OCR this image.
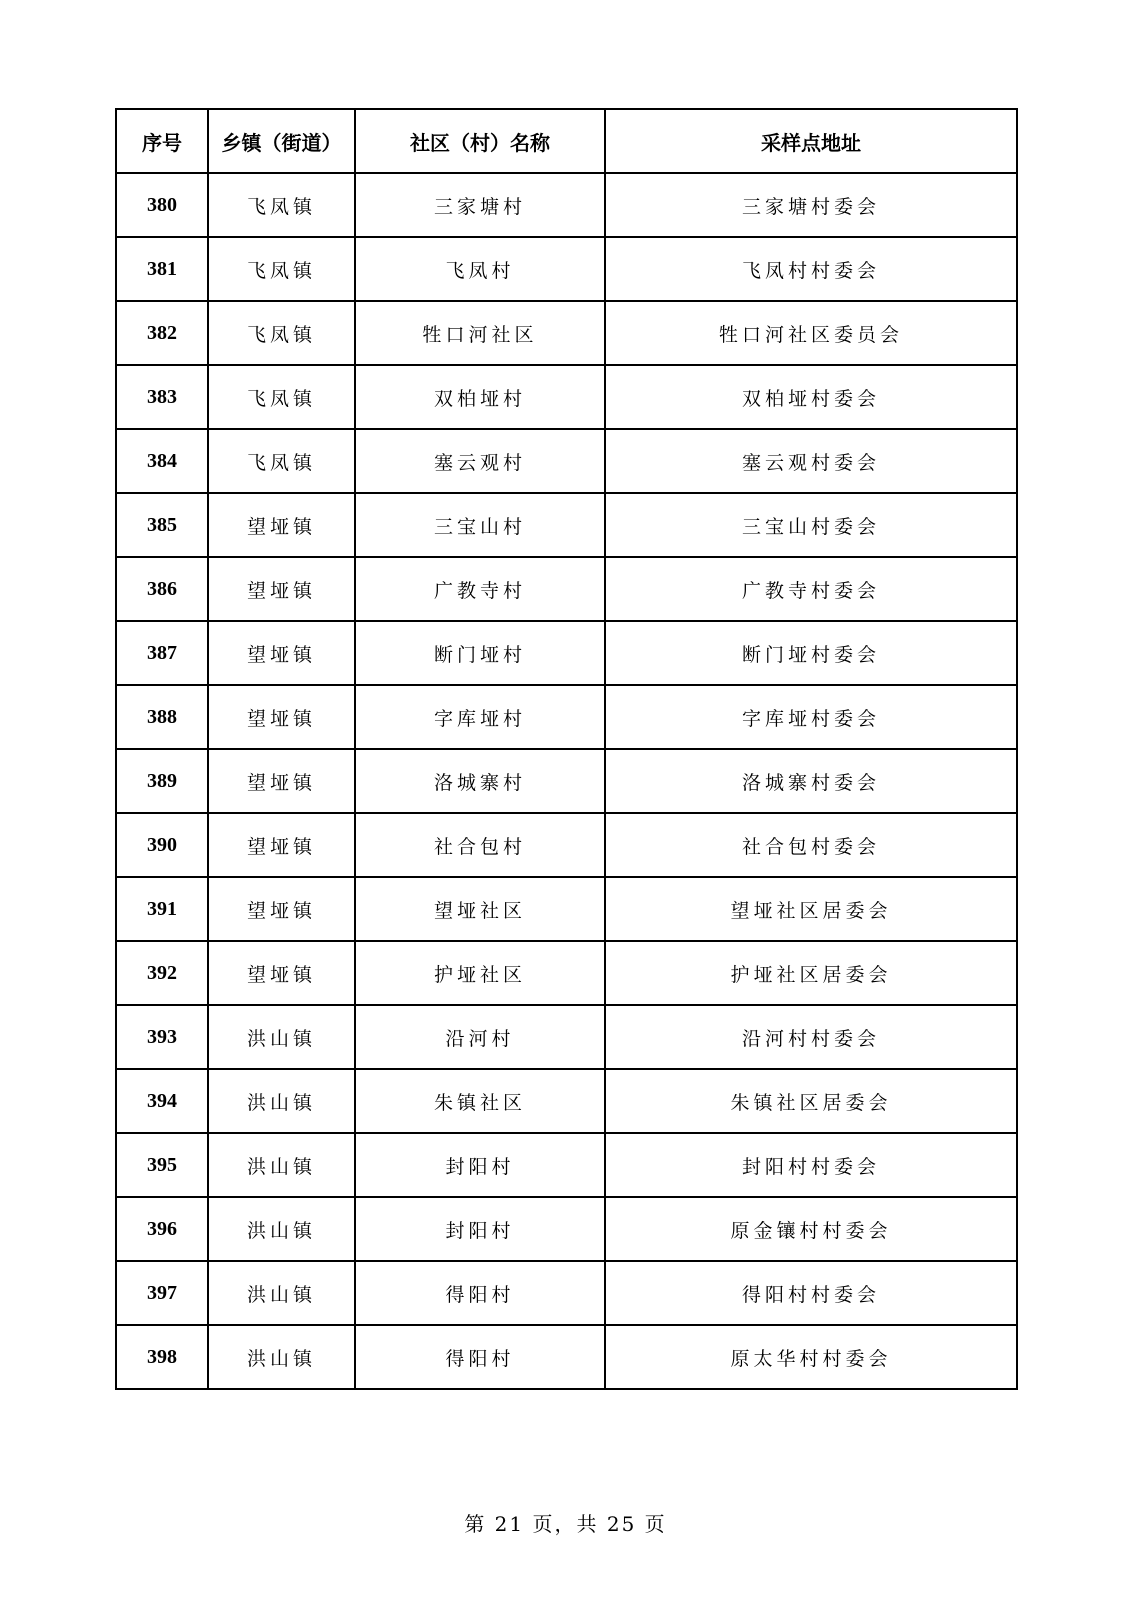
序号	乡镇（街道）	社区（村）名称	采样点地址
380	飞凤镇	三家塘村	三家塘村委会
381	飞凤镇	飞凤村	飞凤村村委会
382	飞凤镇	牲口河社区	牲口河社区委员会
383	飞凤镇	双柏垭村	双柏垭村委会
384	飞凤镇	塞云观村	塞云观村委会
385	望垭镇	三宝山村	三宝山村委会
386	望垭镇	广教寺村	广教寺村委会
387	望垭镇	断门垭村	断门垭村委会
388	望垭镇	字库垭村	字库垭村委会
389	望垭镇	洛城寨村	洛城寨村委会
390	望垭镇	社合包村	社合包村委会
391	望垭镇	望垭社区	望垭社区居委会
392	望垭镇	护垭社区	护垭社区居委会
393	洪山镇	沿河村	沿河村村委会
394	洪山镇	朱镇社区	朱镇社区居委会
395	洪山镇	封阳村	封阳村村委会
396	洪山镇	封阳村	原金镶村村委会
397	洪山镇	得阳村	得阳村村委会
398	洪山镇	得阳村	原太华村村委会
第 21 页，共 25 页
